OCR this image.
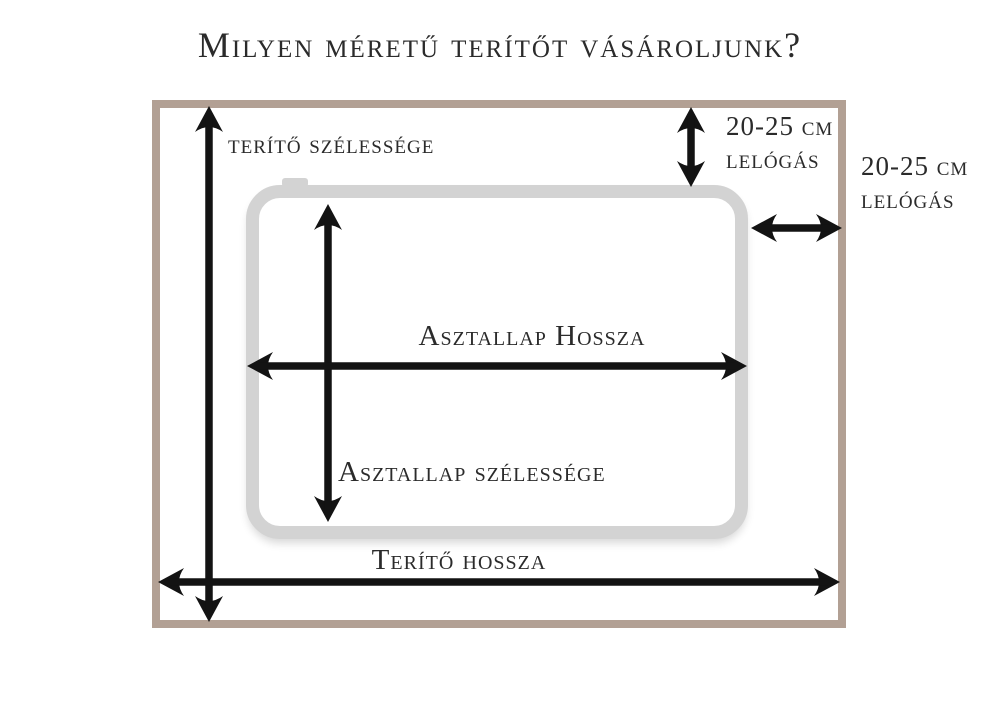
Milyen méretű terítőt vásároljunk?
terítő szélessége
20-25 cm
lelógás	20-25 cm
lelógás
Asztallap Hossza
Asztallap szélessége
Terítő hossza
